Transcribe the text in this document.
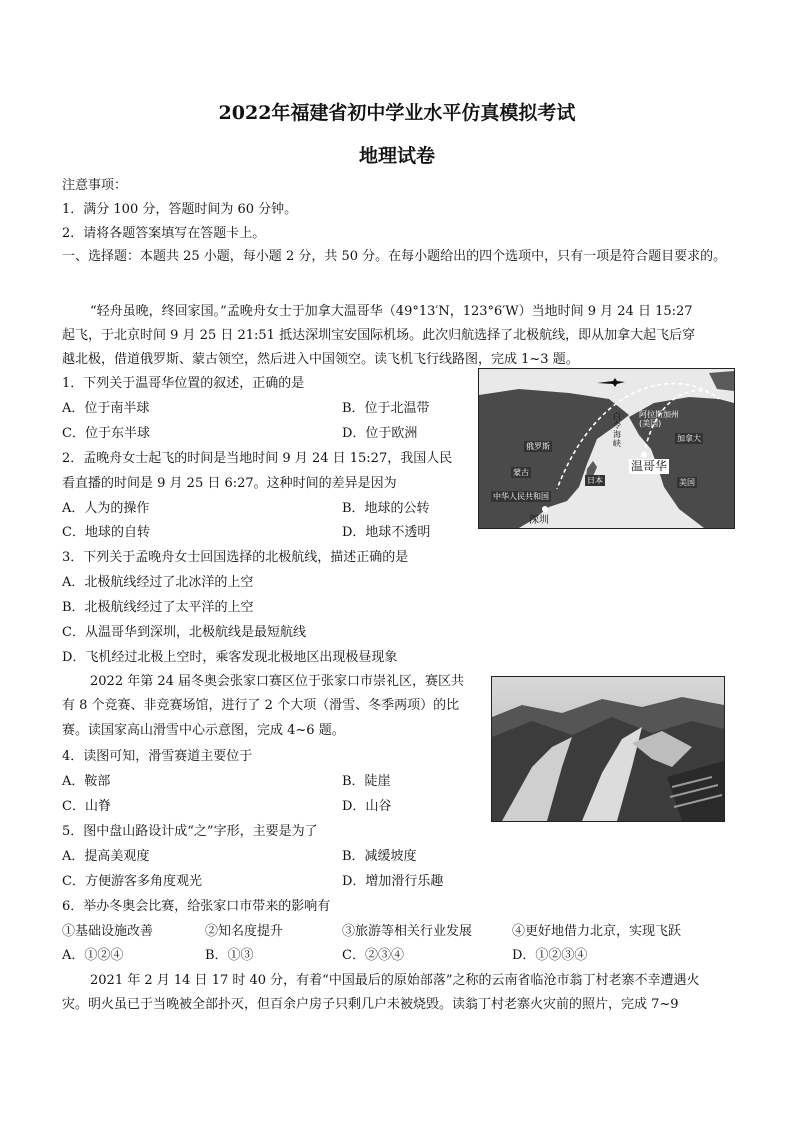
2022年福建省初中学业水平仿真模拟考试
地理试卷
注意事项：
1．满分 100 分，答题时间为 60 分钟。
2．请将各题答案填写在答题卡上。
一、选择题：本题共 25 小题，每小题 2 分，共 50 分。在每小题给出的四个选项中，只有一项是符合题目要求的。
“轻舟虽晚，终回家国。”孟晚舟女士于加拿大温哥华（49°13′N，123°6′W）当地时间 9 月 24 日 15:27
起飞，于北京时间 9 月 25 日 21:51 抵达深圳宝安国际机场。此次归航选择了北极航线，即从加拿大起飞后穿
越北极，借道俄罗斯、蒙古领空，然后进入中国领空。读飞机飞行线路图，完成 1~3 题。
1．下列关于温哥华位置的叙述，正确的是
A．位于南半球	B．位于北温带
C．位于东半球	D．位于欧洲
2．孟晚舟女士起飞的时间是当地时间 9 月 24 日 15:27，我国人民
看直播的时间是 9 月 25 日 6:27。这种时间的差异是因为
A．人为的操作	B．地球的公转
C．地球的自转	D．地球不透明
3．下列关于孟晚舟女士回国选择的北极航线，描述正确的是
A．北极航线经过了北冰洋的上空
B．北极航线经过了太平洋的上空
C．从温哥华到深圳，北极航线是最短航线
D．飞机经过北极上空时，乘客发现北极地区出现极昼现象
俄罗斯
蒙古
中华人民共和国
深圳
日本
白令海峡
阿拉斯加州(美国)
加拿大
温哥华
美国
2022 年第 24 届冬奥会张家口赛区位于张家口市崇礼区，赛区共
有 8 个竞赛、非竞赛场馆，进行了 2 个大项（滑雪、冬季两项）的比
赛。读国家高山滑雪中心示意图，完成 4~6 题。
4．读图可知，滑雪赛道主要位于
A．鞍部	B．陡崖
C．山脊	D．山谷
5．图中盘山路设计成“之”字形，主要是为了
A．提高美观度	B．减缓坡度
C．方便游客多角度观光	D．增加滑行乐趣
6．举办冬奥会比赛，给张家口市带来的影响有
①基础设施改善	②知名度提升	③旅游等相关行业发展	④更好地借力北京，实现飞跃
A．①②④	B．①③	C．②③④	D．①②③④
2021 年 2 月 14 日 17 时 40 分，有着“中国最后的原始部落”之称的云南省临沧市翁丁村老寨不幸遭遇火
灾。明火虽已于当晚被全部扑灭，但百余户房子只剩几户未被烧毁。读翁丁村老寨火灾前的照片，完成 7~9
